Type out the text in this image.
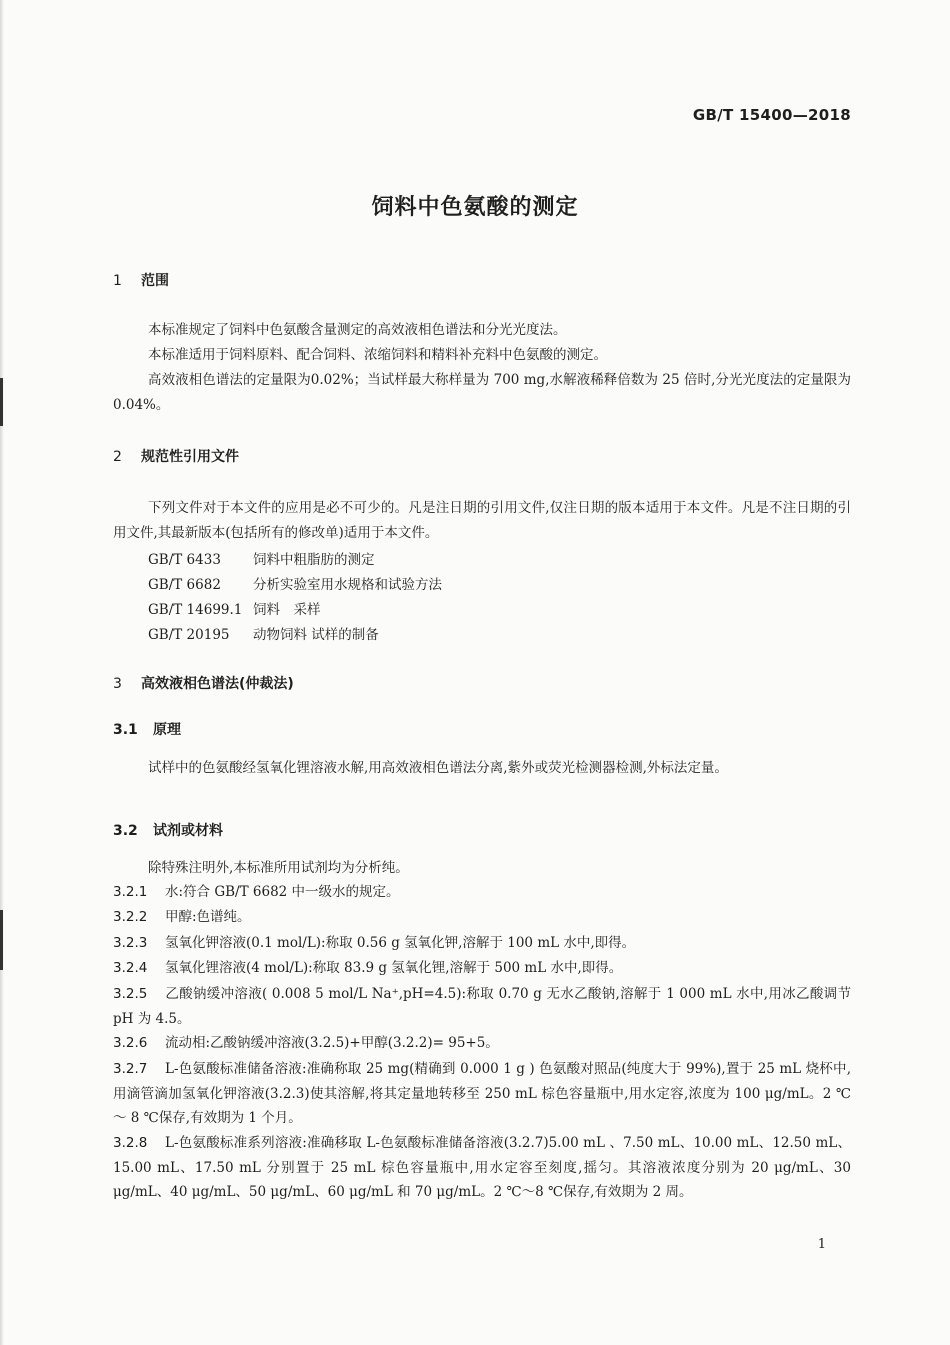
GB/T 15400—2018
饲料中色氨酸的测定
1 范围
本标准规定了饲料中色氨酸含量测定的高效液相色谱法和分光光度法。
本标准适用于饲料原料、配合饲料、浓缩饲料和精料补充料中色氨酸的测定。
高效液相色谱法的定量限为0.02%；当试样最大称样量为 700 mg,水解液稀释倍数为 25 倍时,分光光度法的定量限为0.04%。
2 规范性引用文件
下列文件对于本文件的应用是必不可少的。凡是注日期的引用文件,仅注日期的版本适用于本文件。凡是不注日期的引用文件,其最新版本(包括所有的修改单)适用于本文件。
GB/T 6433 饲料中粗脂肪的测定
GB/T 6682 分析实验室用水规格和试验方法
GB/T 14699.1 饲料　采样
GB/T 20195 动物饲料 试样的制备
3 高效液相色谱法(仲裁法)
3.1 原理
试样中的色氨酸经氢氧化锂溶液水解,用高效液相色谱法分离,紫外或荧光检测器检测,外标法定量。
3.2 试剂或材料
除特殊注明外,本标准所用试剂均为分析纯。
3.2.1 水:符合 GB/T 6682 中一级水的规定。
3.2.2 甲醇:色谱纯。
3.2.3 氢氧化钾溶液(0.1 mol/L):称取 0.56 g 氢氧化钾,溶解于 100 mL 水中,即得。
3.2.4 氢氧化锂溶液(4 mol/L):称取 83.9 g 氢氧化锂,溶解于 500 mL 水中,即得。
3.2.5 乙酸钠缓冲溶液( 0.008 5 mol/L Na⁺,pH=4.5):称取 0.70 g 无水乙酸钠,溶解于 1 000 mL 水中,用冰乙酸调节 pH 为 4.5。
3.2.6 流动相:乙酸钠缓冲溶液(3.2.5)+甲醇(3.2.2)= 95+5。
3.2.7 L-色氨酸标准储备溶液:准确称取 25 mg(精确到 0.000 1 g ) 色氨酸对照品(纯度大于 99%),置于 25 mL 烧杯中,用滴管滴加氢氧化钾溶液(3.2.3)使其溶解,将其定量地转移至 250 mL 棕色容量瓶中,用水定容,浓度为 100 μg/mL。2 ℃ ～ 8 ℃保存,有效期为 1 个月。
3.2.8 L-色氨酸标准系列溶液:准确移取 L-色氨酸标准储备溶液(3.2.7)5.00 mL 、7.50 mL、10.00 mL、12.50 mL、15.00 mL、17.50 mL 分别置于 25 mL 棕色容量瓶中,用水定容至刻度,摇匀。其溶液浓度分别为 20 μg/mL、30 μg/mL、40 μg/mL、50 μg/mL、60 μg/mL 和 70 μg/mL。2 ℃～8 ℃保存,有效期为 2 周。
1
